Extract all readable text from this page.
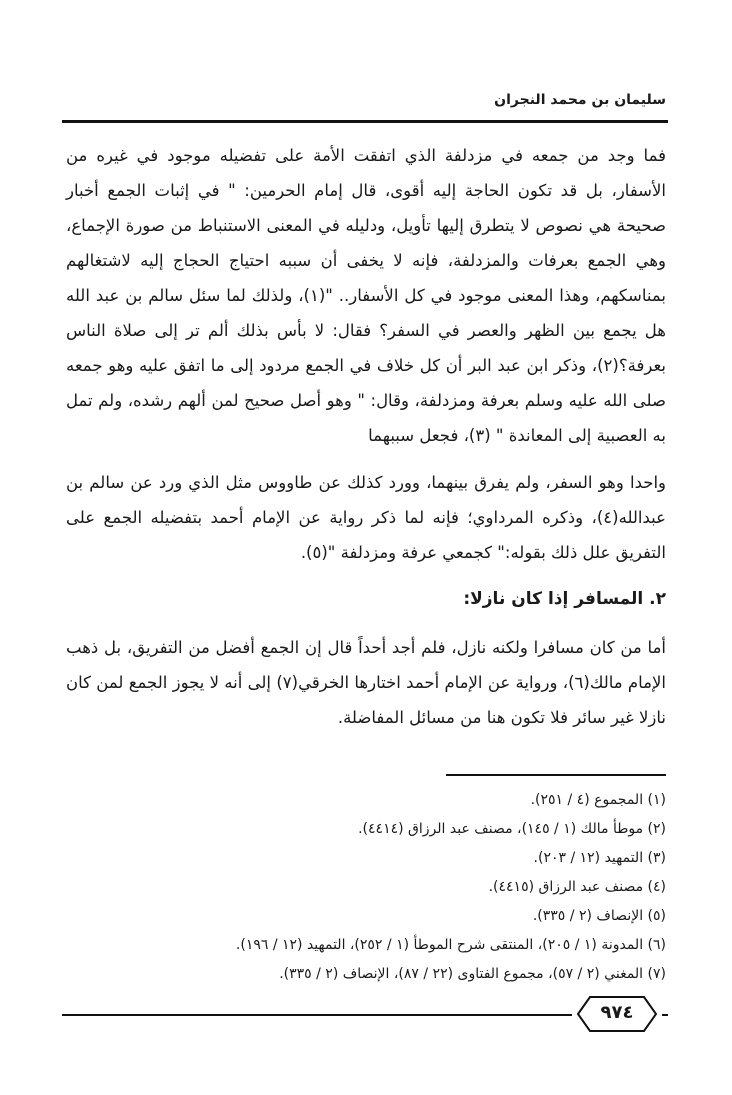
سليمان بن محمد النجران

فما وجد من جمعه في مزدلفة الذي اتفقت الأمة على تفضيله موجود في غيره من الأسفار، بل قد تكون الحاجة إليه أقوى، قال إمام الحرمين: " في إثبات الجمع أخبار صحيحة هي نصوص لا يتطرق إليها تأويل، ودليله في المعنى الاستنباط من صورة الإجماع، وهي الجمع بعرفات والمزدلفة، فإنه لا يخفى أن سببه احتياج الحجاج إليه لاشتغالهم بمناسكهم، وهذا المعنى موجود في كل الأسفار.. "(١)، ولذلك لما سئل سالم بن عبد الله هل يجمع بين الظهر والعصر في السفر؟ فقال: لا بأس بذلك ألم تر إلى صلاة الناس بعرفة؟(٢)، وذكر ابن عبد البر أن كل خلاف في الجمع مردود إلى ما اتفق عليه وهو جمعه صلى الله عليه وسلم بعرفة ومزدلفة، وقال: " وهو أصل صحيح لمن ألهم رشده، ولم تمل به العصبية إلى المعاندة " (٣)، فجعل سببهما

واحدا وهو السفر، ولم يفرق بينهما، وورد كذلك عن طاووس مثل الذي ورد عن سالم بن عبدالله(٤)، وذكره المرداوي؛ فإنه لما ذكر رواية عن الإمام أحمد بتفضيله الجمع على التفريق علل ذلك بقوله:" كجمعي عرفة ومزدلفة "(٥).

٢. المسافر إذا كان نازلا:

أما من كان مسافرا ولكنه نازل، فلم أجد أحداً قال إن الجمع أفضل من التفريق، بل ذهب الإمام مالك(٦)، ورواية عن الإمام أحمد اختارها الخرقي(٧) إلى أنه لا يجوز الجمع لمن كان نازلا غير سائر فلا تكون هنا من مسائل المفاضلة.

(١) المجموع (٤ / ٢٥١).
(٢) موطأ مالك (١ / ١٤٥)، مصنف عبد الرزاق (٤٤١٤).
(٣) التمهيد (١٢ / ٢٠٣).
(٤) مصنف عبد الرزاق (٤٤١٥).
(٥) الإنصاف (٢ / ٣٣٥).
(٦) المدونة (١ / ٢٠٥)، المنتقى شرح الموطأ (١ / ٢٥٢)، التمهيد (١٢ / ١٩٦).
(٧) المغني (٢ / ٥٧)، مجموع الفتاوى (٢٢ / ٨٧)، الإنصاف (٢ / ٣٣٥).
٩٧٤
